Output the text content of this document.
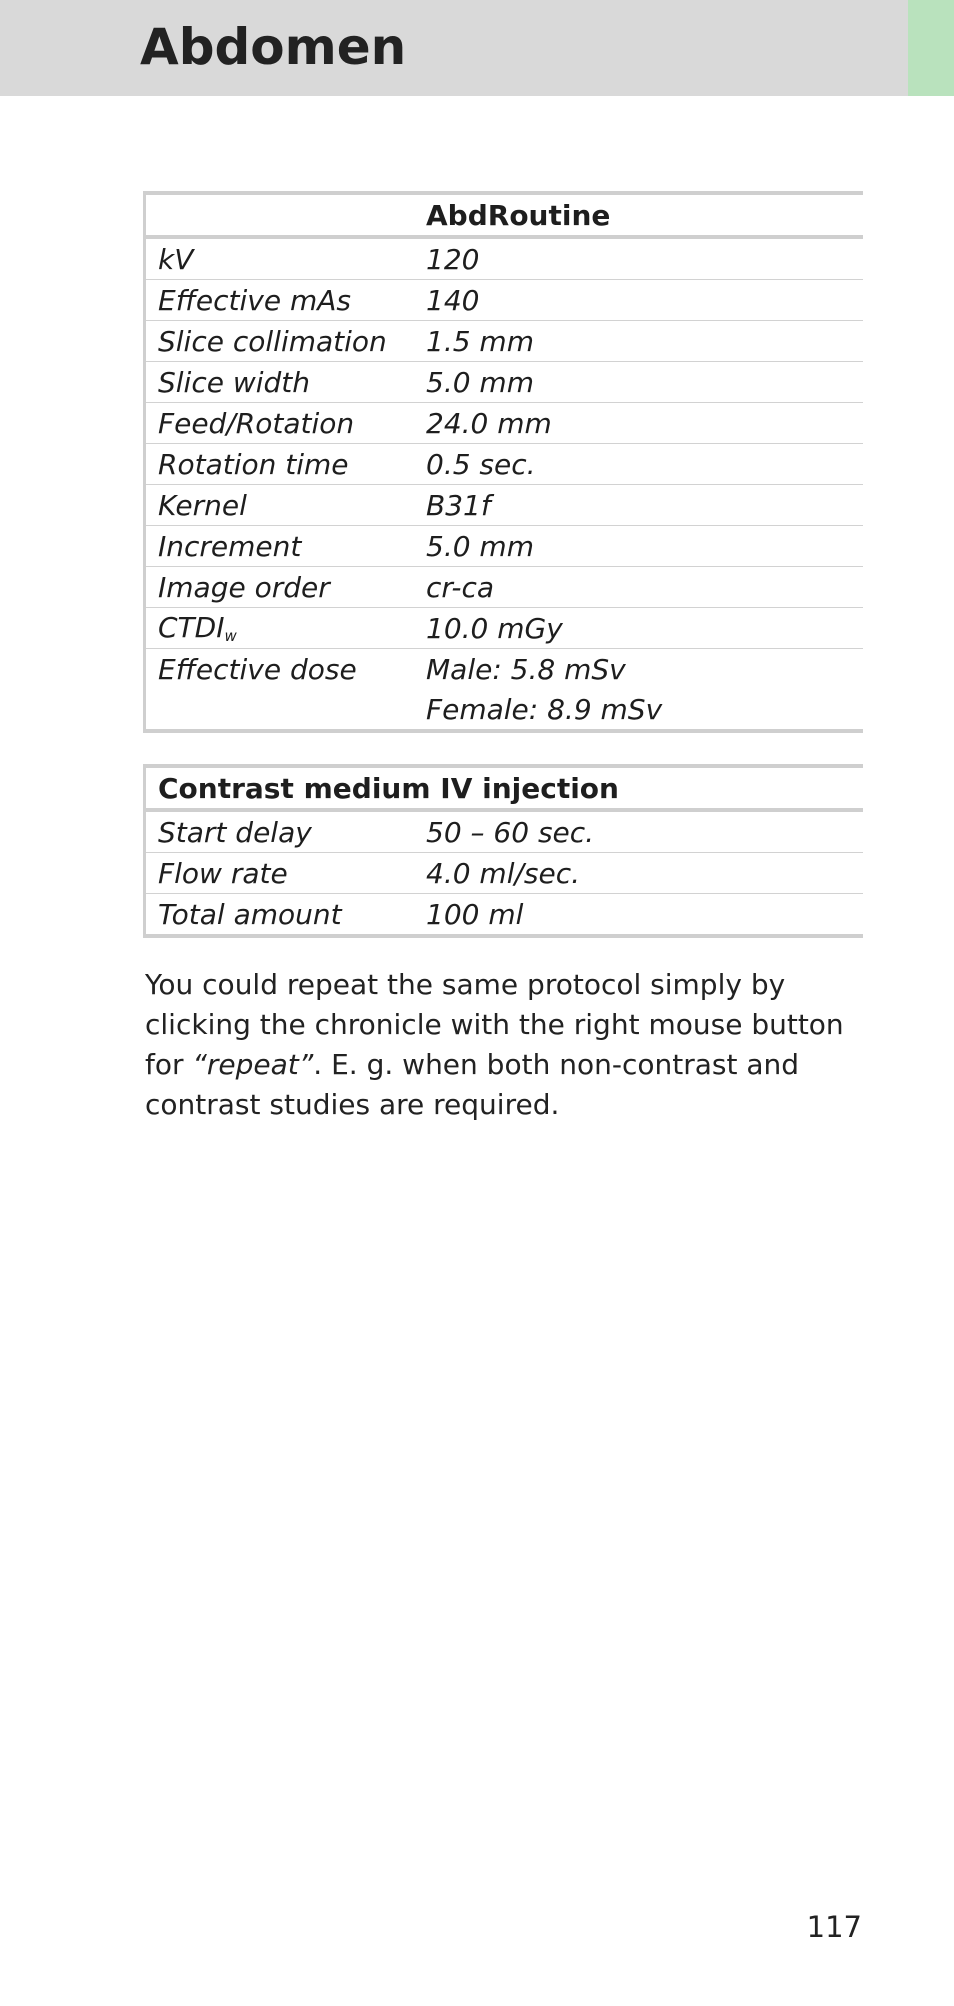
Abdomen
	AbdRoutine
kV	120
Effective mAs	140
Slice collimation	1.5 mm
Slice width	5.0 mm
Feed/Rotation	24.0 mm
Rotation time	0.5 sec.
Kernel	B31f
Increment	5.0 mm
Image order	cr-ca
$CTDI_w$	10.0 mGy
Effective dose	Male: 5.8 mSv
	Female: 8.9 mSv
Contrast medium IV injection	
Start delay	50 – 60 sec.
Flow rate	4.0 ml/sec.
Total amount	100 ml

You could repeat the same protocol simply by clicking the chronicle with the right mouse button for “repeat”. E. g. when both non-contrast and contrast studies are required.

117
